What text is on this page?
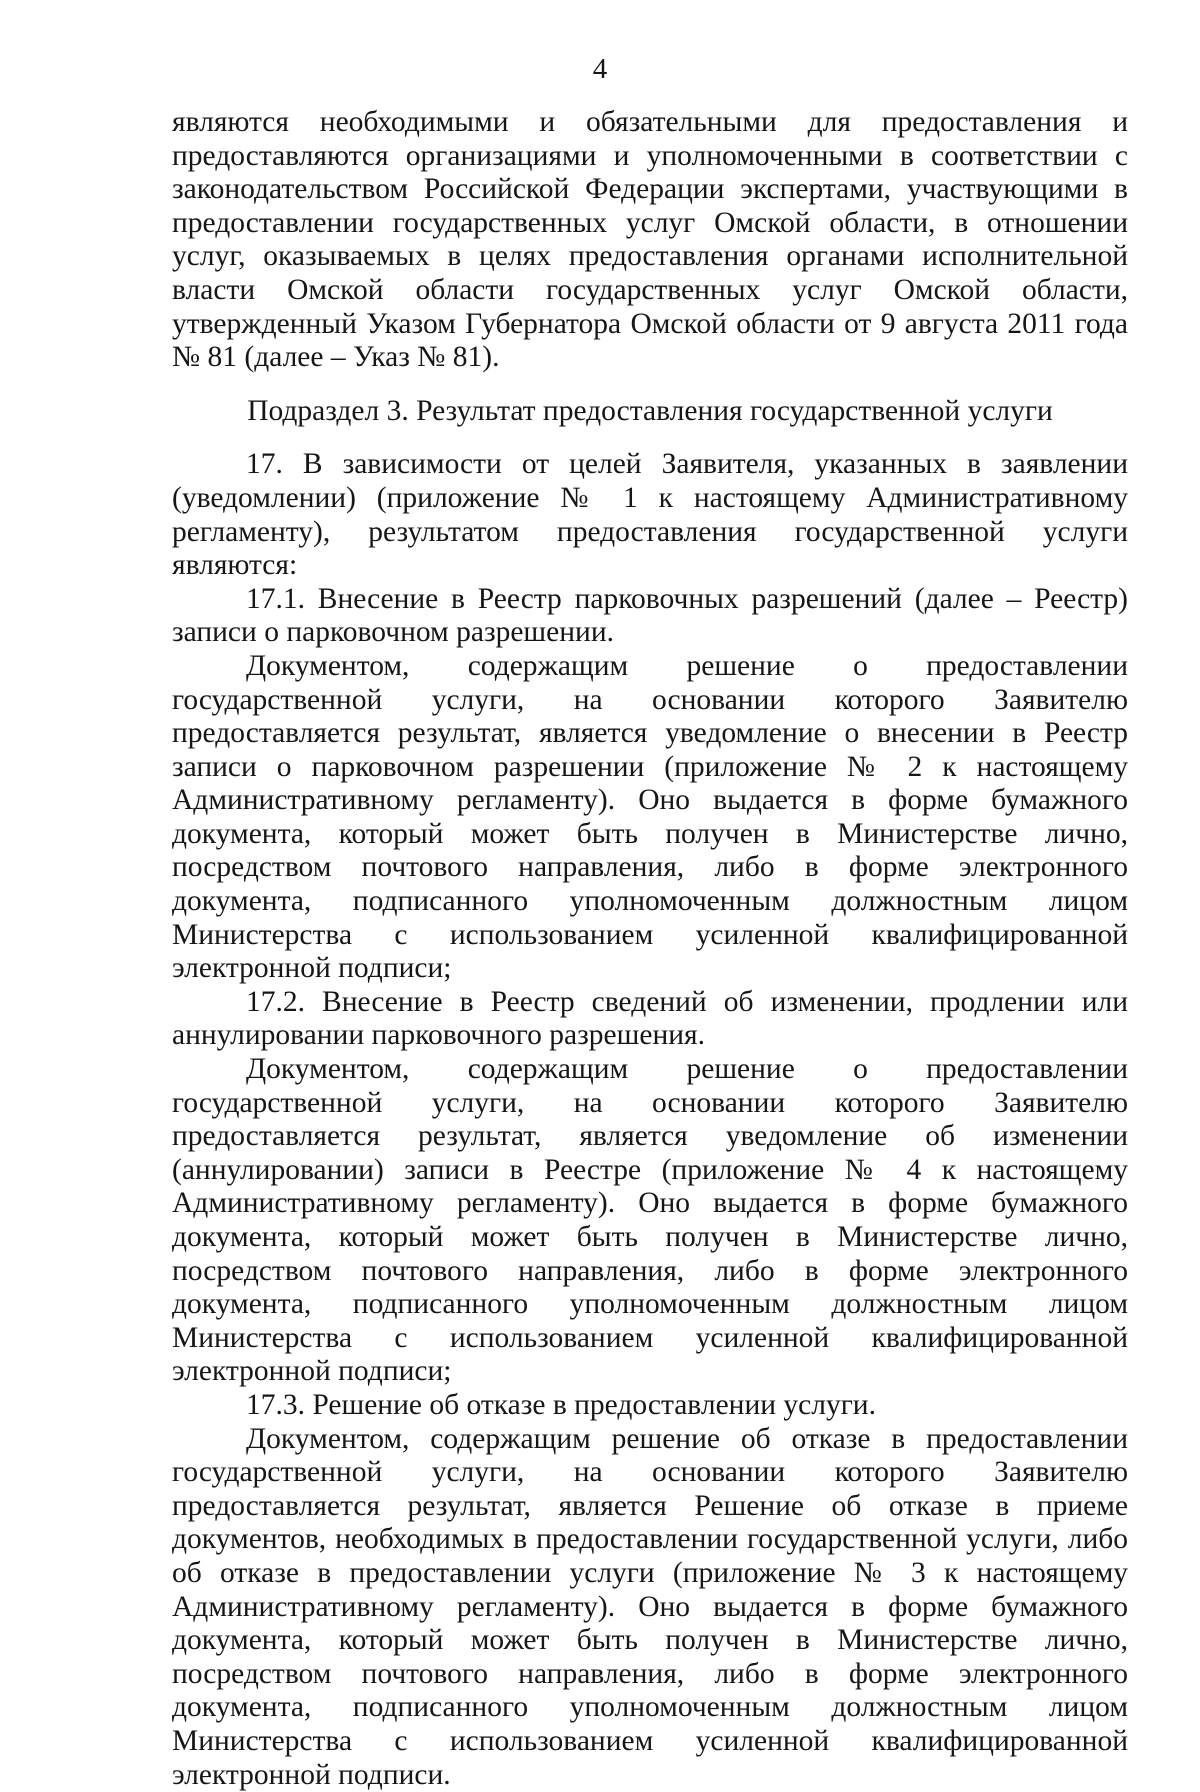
4

являются необходимыми и обязательными для предоставления и предоставляются организациями и уполномоченными в соответствии с законодательством Российской Федерации экспертами, участвующими в предоставлении государственных услуг Омской области, в отношении услуг, оказываемых в целях предоставления органами исполнительной власти Омской области государственных услуг Омской области, утвержденный Указом Губернатора Омской области от 9 августа 2011 года № 81 (далее – Указ № 81).

Подраздел 3. Результат предоставления государственной услуги

17. В зависимости от целей Заявителя, указанных в заявлении (уведомлении) (приложение № 1 к настоящему Административному регламенту), результатом предоставления государственной услуги являются:

17.1. Внесение в Реестр парковочных разрешений (далее – Реестр) записи о парковочном разрешении.

Документом, содержащим решение о предоставлении государственной услуги, на основании которого Заявителю предоставляется результат, является уведомление о внесении в Реестр записи о парковочном разрешении (приложение № 2 к настоящему Административному регламенту). Оно выдается в форме бумажного документа, который может быть получен в Министерстве лично, посредством почтового направления, либо в форме электронного документа, подписанного уполномоченным должностным лицом Министерства с использованием усиленной квалифицированной электронной подписи;

17.2. Внесение в Реестр сведений об изменении, продлении или аннулировании парковочного разрешения.

Документом, содержащим решение о предоставлении государственной услуги, на основании которого Заявителю предоставляется результат, является уведомление об изменении (аннулировании) записи в Реестре (приложение № 4 к настоящему Административному регламенту). Оно выдается в форме бумажного документа, который может быть получен в Министерстве лично, посредством почтового направления, либо в форме электронного документа, подписанного уполномоченным должностным лицом Министерства с использованием усиленной квалифицированной электронной подписи;

17.3. Решение об отказе в предоставлении услуги.

Документом, содержащим решение об отказе в предоставлении государственной услуги, на основании которого Заявителю предоставляется результат, является Решение об отказе в приеме документов, необходимых в предоставлении государственной услуги, либо об отказе в предоставлении услуги (приложение № 3 к настоящему Административному регламенту). Оно выдается в форме бумажного документа, который может быть получен в Министерстве лично, посредством почтового направления, либо в форме электронного документа, подписанного уполномоченным должностным лицом Министерства с использованием усиленной квалифицированной электронной подписи.
